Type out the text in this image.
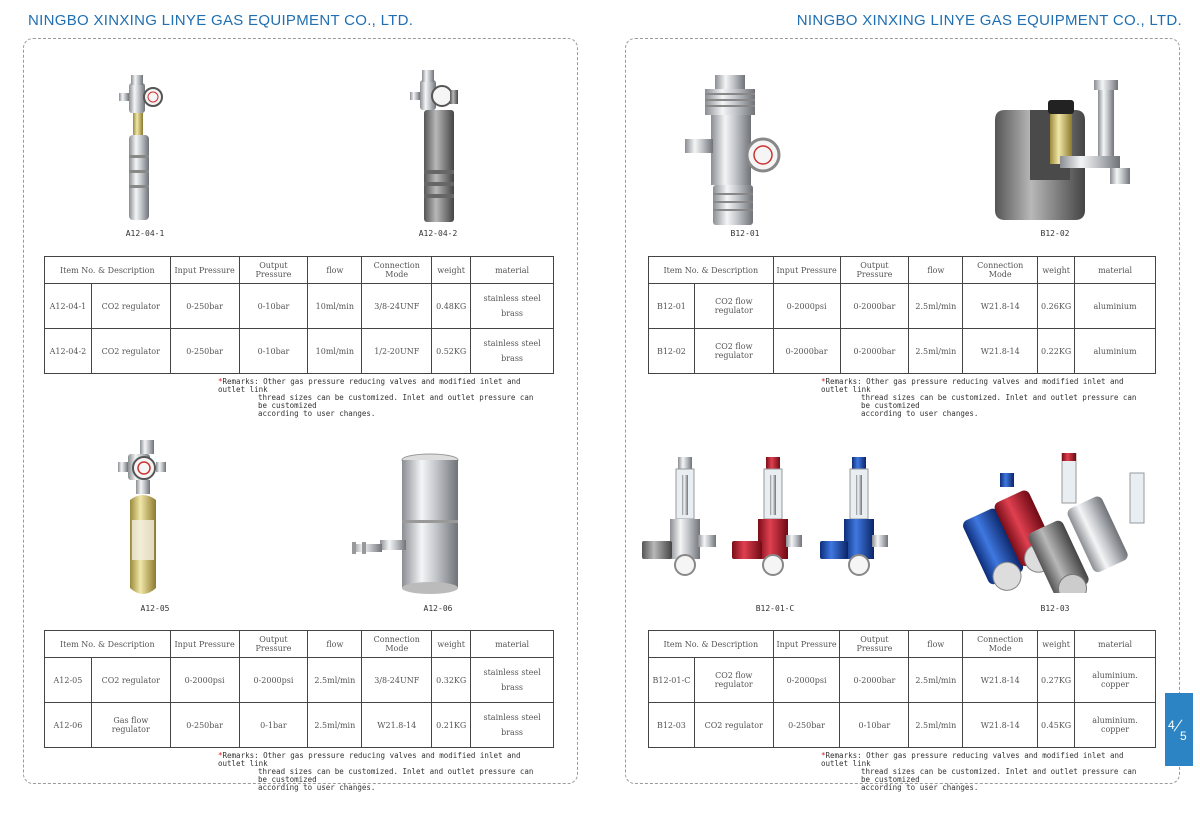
NINGBO XINXING LINYE GAS EQUIPMENT CO., LTD.	NINGBO XINXING LINYE GAS EQUIPMENT CO., LTD.
A12-04-1	A12-04-2
Item No. & Description		Input Pressure	Output Pressure	flow	Connection Mode	weight	material
A12-04-1	CO2 regulator	0-250bar	0-10bar	10ml/min	3/8-24UNF	0.48KG	stainless steel
brass

A12-04-2	CO2 regulator	0-250bar	0-10bar	10ml/min	1/2-20UNF	0.52KG	stainless steel
brass
*Remarks: Other gas pressure reducing valves and modified inlet and outlet link
thread sizes can be customized. Inlet and outlet pressure can be customized
according to user changes.
A12-05	A12-06
Item No. & Description		Input Pressure	Output Pressure	flow	Connection Mode	weight	material
A12-05	CO2 regulator	0-2000psi	0-2000psi	2.5ml/min	3/8-24UNF	0.32KG	stainless steel
brass

A12-06	Gas flow regulator	0-250bar	0-1bar	2.5ml/min	W21.8-14	0.21KG	stainless steel
brass
*Remarks: Other gas pressure reducing valves and modified inlet and outlet link
thread sizes can be customized. Inlet and outlet pressure can be customized
according to user changes.
B12-01	B12-02
Item No. & Description		Input Pressure	Output Pressure	flow	Connection Mode	weight	material
B12-01	CO2 flow regulator	0-2000psi	0-2000bar	2.5ml/min	W21.8-14	0.26KG	aluminium
B12-02	CO2 flow regulator	0-2000bar	0-2000bar	2.5ml/min	W21.8-14	0.22KG	aluminium
*Remarks: Other gas pressure reducing valves and modified inlet and outlet link
thread sizes can be customized. Inlet and outlet pressure can be customized
according to user changes.
B12-01-C	B12-03
Item No. & Description		Input Pressure	Output Pressure	flow	Connection Mode	weight	material
B12-01-C	CO2 flow regulator	0-2000psi	0-2000bar	2.5ml/min	W21.8-14	0.27KG	aluminium. copper
B12-03	CO2 regulator	0-250bar	0-10bar	2.5ml/min	W21.8-14	0.45KG	aluminium. copper
*Remarks: Other gas pressure reducing valves and modified inlet and outlet link
thread sizes can be customized. Inlet and outlet pressure can be customized
according to user changes.
4
5
